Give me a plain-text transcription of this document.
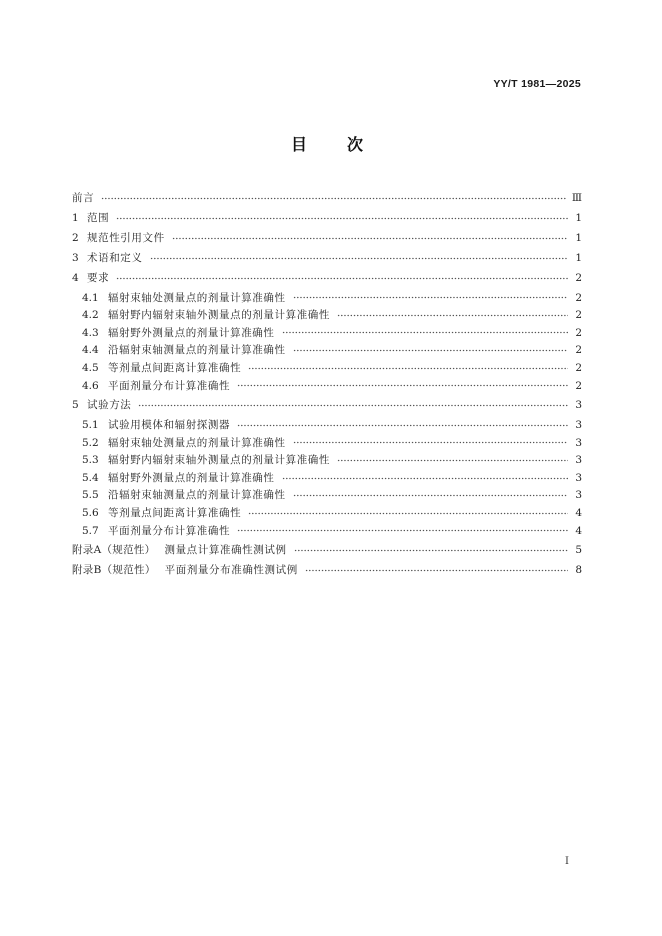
YY/T 1981—2025
目　次
前言	Ⅲ
1 范围	1
2 规范性引用文件	1
3 术语和定义	1
4 要求	2
4.1 辐射束轴处测量点的剂量计算准确性	2
4.2 辐射野内辐射束轴外测量点的剂量计算准确性	2
4.3 辐射野外测量点的剂量计算准确性	2
4.4 沿辐射束轴测量点的剂量计算准确性	2
4.5 等剂量点间距离计算准确性	2
4.6 平面剂量分布计算准确性	2
5 试验方法	3
5.1 试验用模体和辐射探测器	3
5.2 辐射束轴处测量点的剂量计算准确性	3
5.3 辐射野内辐射束轴外测量点的剂量计算准确性	3
5.4 辐射野外测量点的剂量计算准确性	3
5.5 沿辐射束轴测量点的剂量计算准确性	3
5.6 等剂量点间距离计算准确性	4
5.7 平面剂量分布计算准确性	4
附录A（规范性） 测量点计算准确性测试例	5
附录B（规范性） 平面剂量分布准确性测试例	8
Ⅰ
